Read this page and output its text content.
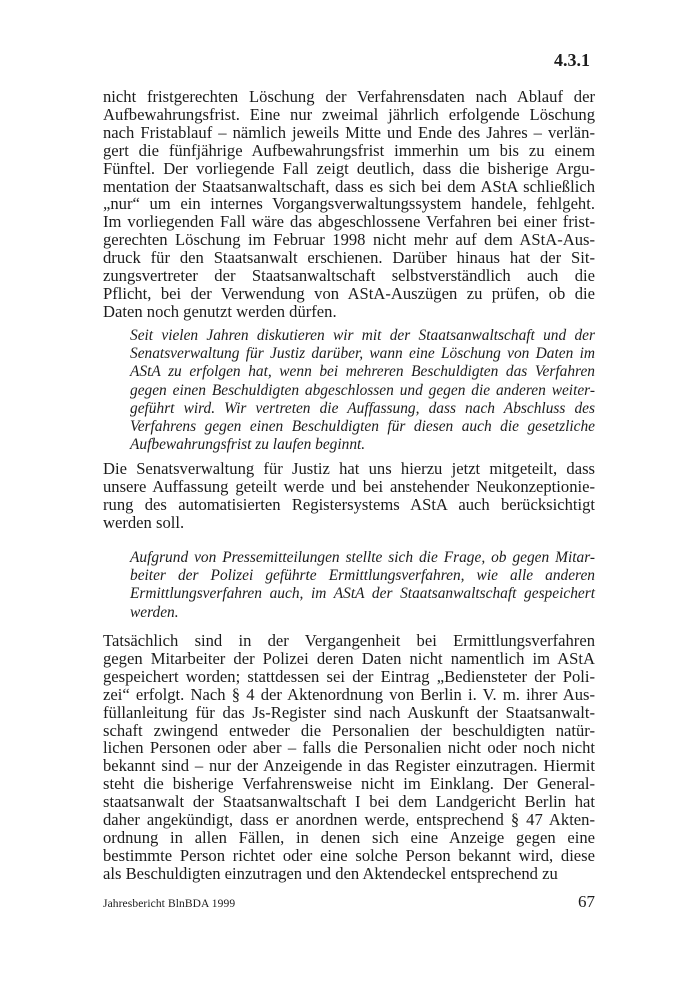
4.3.1
nicht fristgerechten Löschung der Verfahrensdaten nach Ablauf der
Aufbewahrungsfrist. Eine nur zweimal jährlich erfolgende Löschung
nach Fristablauf – nämlich jeweils Mitte und Ende des Jahres – verlän-
gert die fünfjährige Aufbewahrungsfrist immerhin um bis zu einem
Fünftel. Der vorliegende Fall zeigt deutlich, dass die bisherige Argu-
mentation der Staatsanwaltschaft, dass es sich bei dem AStA schließlich
„nur“ um ein internes Vorgangsverwaltungssystem handele, fehlgeht.
Im vorliegenden Fall wäre das abgeschlossene Verfahren bei einer frist-
gerechten Löschung im Februar 1998 nicht mehr auf dem AStA-Aus-
druck für den Staatsanwalt erschienen. Darüber hinaus hat der Sit-
zungsvertreter der Staatsanwaltschaft selbstverständlich auch die
Pflicht, bei der Verwendung von AStA-Auszügen zu prüfen, ob die
Daten noch genutzt werden dürfen.
Seit vielen Jahren diskutieren wir mit der Staatsanwaltschaft und der
Senatsverwaltung für Justiz darüber, wann eine Löschung von Daten im
AStA zu erfolgen hat, wenn bei mehreren Beschuldigten das Verfahren
gegen einen Beschuldigten abgeschlossen und gegen die anderen weiter-
geführt wird. Wir vertreten die Auffassung, dass nach Abschluss des
Verfahrens gegen einen Beschuldigten für diesen auch die gesetzliche
Aufbewahrungsfrist zu laufen beginnt.
Die Senatsverwaltung für Justiz hat uns hierzu jetzt mitgeteilt, dass
unsere Auffassung geteilt werde und bei anstehender Neukonzeptionie-
rung des automatisierten Registersystems AStA auch berücksichtigt
werden soll.
Aufgrund von Pressemitteilungen stellte sich die Frage, ob gegen Mitar-
beiter der Polizei geführte Ermittlungsverfahren, wie alle anderen
Ermittlungsverfahren auch, im AStA der Staatsanwaltschaft gespeichert
werden.
Tatsächlich sind in der Vergangenheit bei Ermittlungsverfahren
gegen Mitarbeiter der Polizei deren Daten nicht namentlich im AStA
gespeichert worden; stattdessen sei der Eintrag „Bediensteter der Poli-
zei“ erfolgt. Nach § 4 der Aktenordnung von Berlin i. V. m. ihrer Aus-
füllanleitung für das Js-Register sind nach Auskunft der Staatsanwalt-
schaft zwingend entweder die Personalien der beschuldigten natür-
lichen Personen oder aber – falls die Personalien nicht oder noch nicht
bekannt sind – nur der Anzeigende in das Register einzutragen. Hiermit
steht die bisherige Verfahrensweise nicht im Einklang. Der General-
staatsanwalt der Staatsanwaltschaft I bei dem Landgericht Berlin hat
daher angekündigt, dass er anordnen werde, entsprechend § 47 Akten-
ordnung in allen Fällen, in denen sich eine Anzeige gegen eine
bestimmte Person richtet oder eine solche Person bekannt wird, diese
als Beschuldigten einzutragen und den Aktendeckel entsprechend zu
Jahresbericht BlnBDA 1999	67
